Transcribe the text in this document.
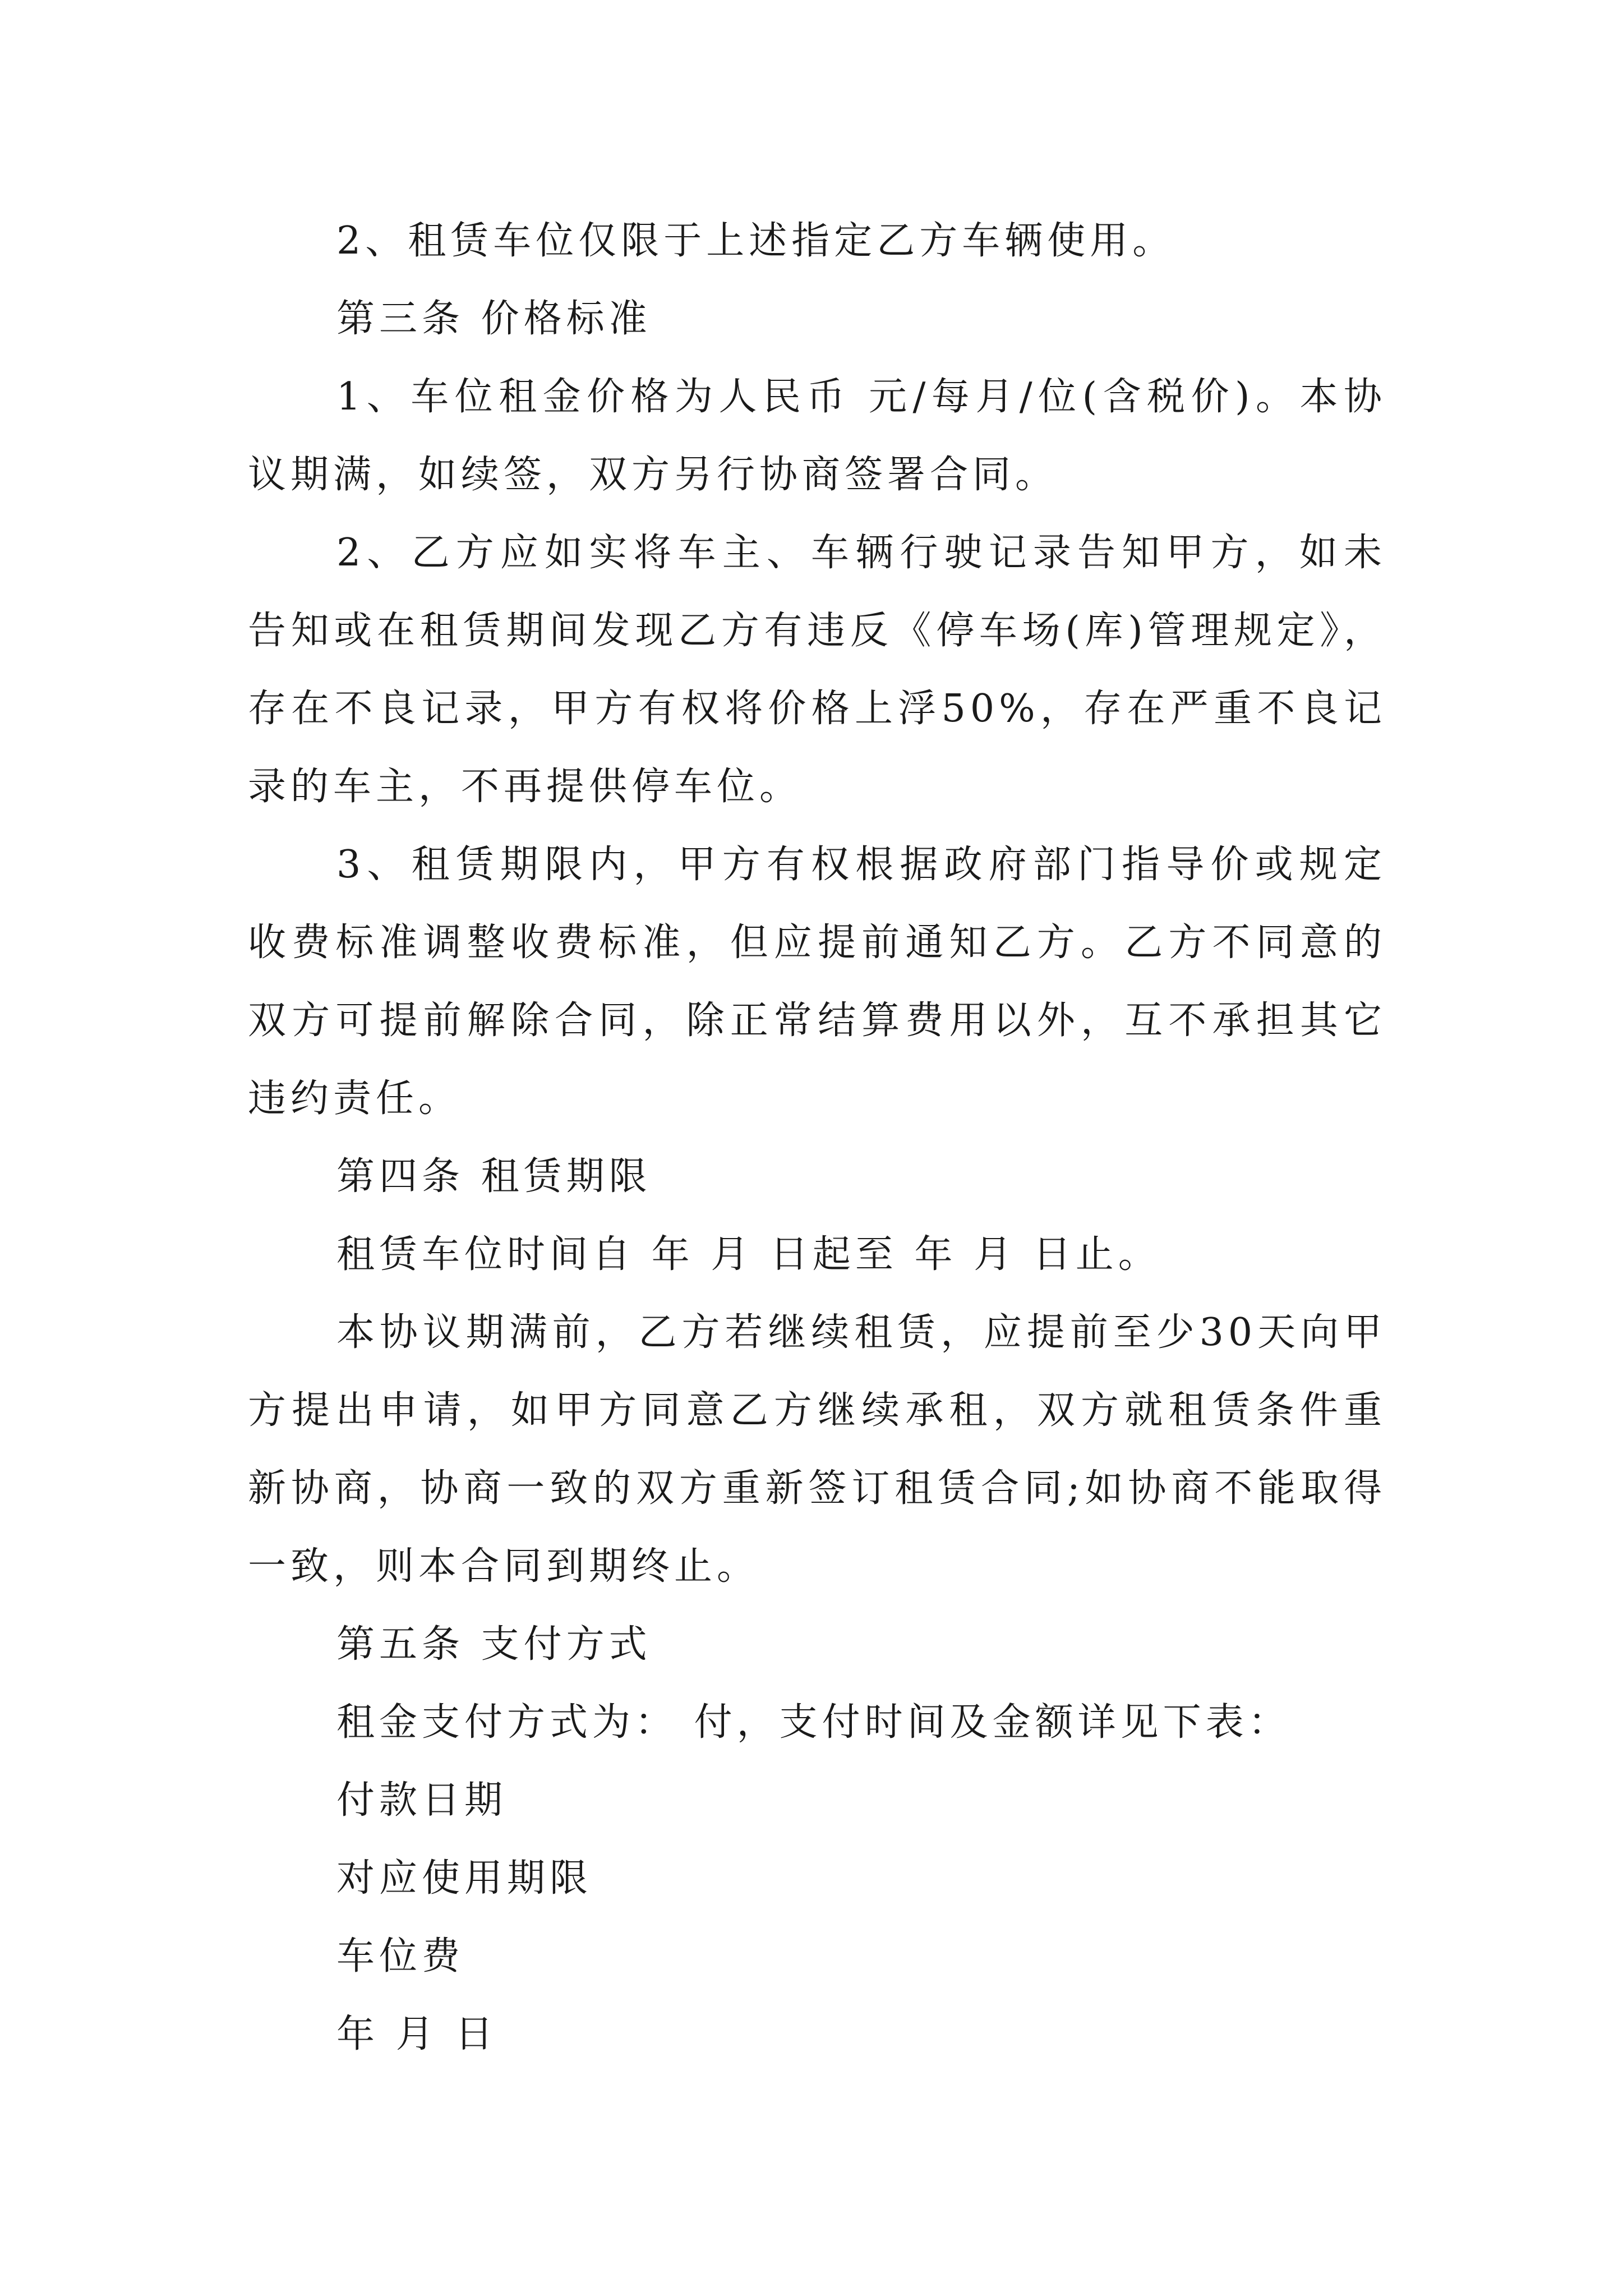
2、租赁车位仅限于上述指定乙方车辆使用。

第三条 价格标准

1、车位租金价格为人民币 元/每月/位(含税价)。本协议期满，如续签，双方另行协商签署合同。

2、乙方应如实将车主、车辆行驶记录告知甲方，如未告知或在租赁期间发现乙方有违反《停车场(库)管理规定》，存在不良记录，甲方有权将价格上浮50%，存在严重不良记录的车主，不再提供停车位。

3、租赁期限内，甲方有权根据政府部门指导价或规定收费标准调整收费标准，但应提前通知乙方。乙方不同意的双方可提前解除合同，除正常结算费用以外，互不承担其它违约责任。

第四条 租赁期限

租赁车位时间自 年 月 日起至 年 月 日止。

本协议期满前，乙方若继续租赁，应提前至少30天向甲方提出申请，如甲方同意乙方继续承租，双方就租赁条件重新协商，协商一致的双方重新签订租赁合同;如协商不能取得一致，则本合同到期终止。

第五条 支付方式

租金支付方式为： 付，支付时间及金额详见下表：

付款日期

对应使用期限

车位费

年 月 日
